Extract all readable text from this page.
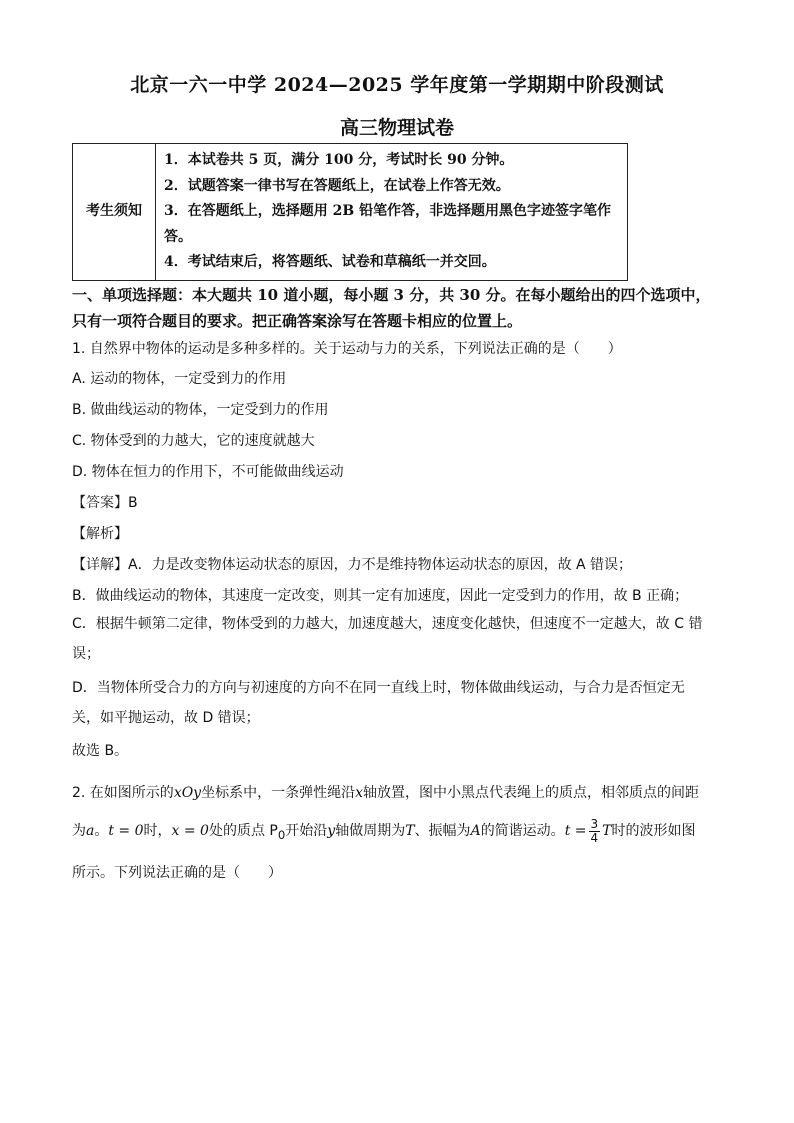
北京一六一中学 2024—2025 学年度第一学期期中阶段测试
高三物理试卷
考生须知	
1．本试卷共 5 页，满分 100 分，考试时长 90 分钟。
2．试题答案一律书写在答题纸上，在试卷上作答无效。
3．在答题纸上，选择题用 2B 铅笔作答，非选择题用黑色字迹签字笔作答。
4．考试结束后，将答题纸、试卷和草稿纸一并交回。
一、单项选择题：本大题共 10 道小题，每小题 3 分，共 30 分。在每小题给出的四个选项中，只有一项符合题目的要求。把正确答案涂写在答题卡相应的位置上。
1. 自然界中物体的运动是多种多样的。关于运动与力的关系，下列说法正确的是（　　）
A. 运动的物体，一定受到力的作用
B. 做曲线运动的物体，一定受到力的作用
C. 物体受到的力越大，它的速度就越大
D. 物体在恒力的作用下，不可能做曲线运动
【答案】B
【解析】
【详解】A．力是改变物体运动状态的原因，力不是维持物体运动状态的原因，故 A 错误；
B．做曲线运动的物体，其速度一定改变，则其一定有加速度，因此一定受到力的作用，故 B 正确；
C．根据牛顿第二定律，物体受到的力越大，加速度越大，速度变化越快，但速度不一定越大，故 C 错误；
D．当物体所受合力的方向与初速度的方向不在同一直线上时，物体做曲线运动，与合力是否恒定无关，如平抛运动，故 D 错误；
故选 B。
2. 在如图所示的xOy坐标系中，一条弹性绳沿x轴放置，图中小黑点代表绳上的质点，相邻质点的间距为a。t = 0时，x = 0处的质点 $P_0$开始沿y轴做周期为T、振幅为A的简谐运动。$t = \frac{3}{4}$ T时的波形如图所示。下列说法正确的是（　　）
